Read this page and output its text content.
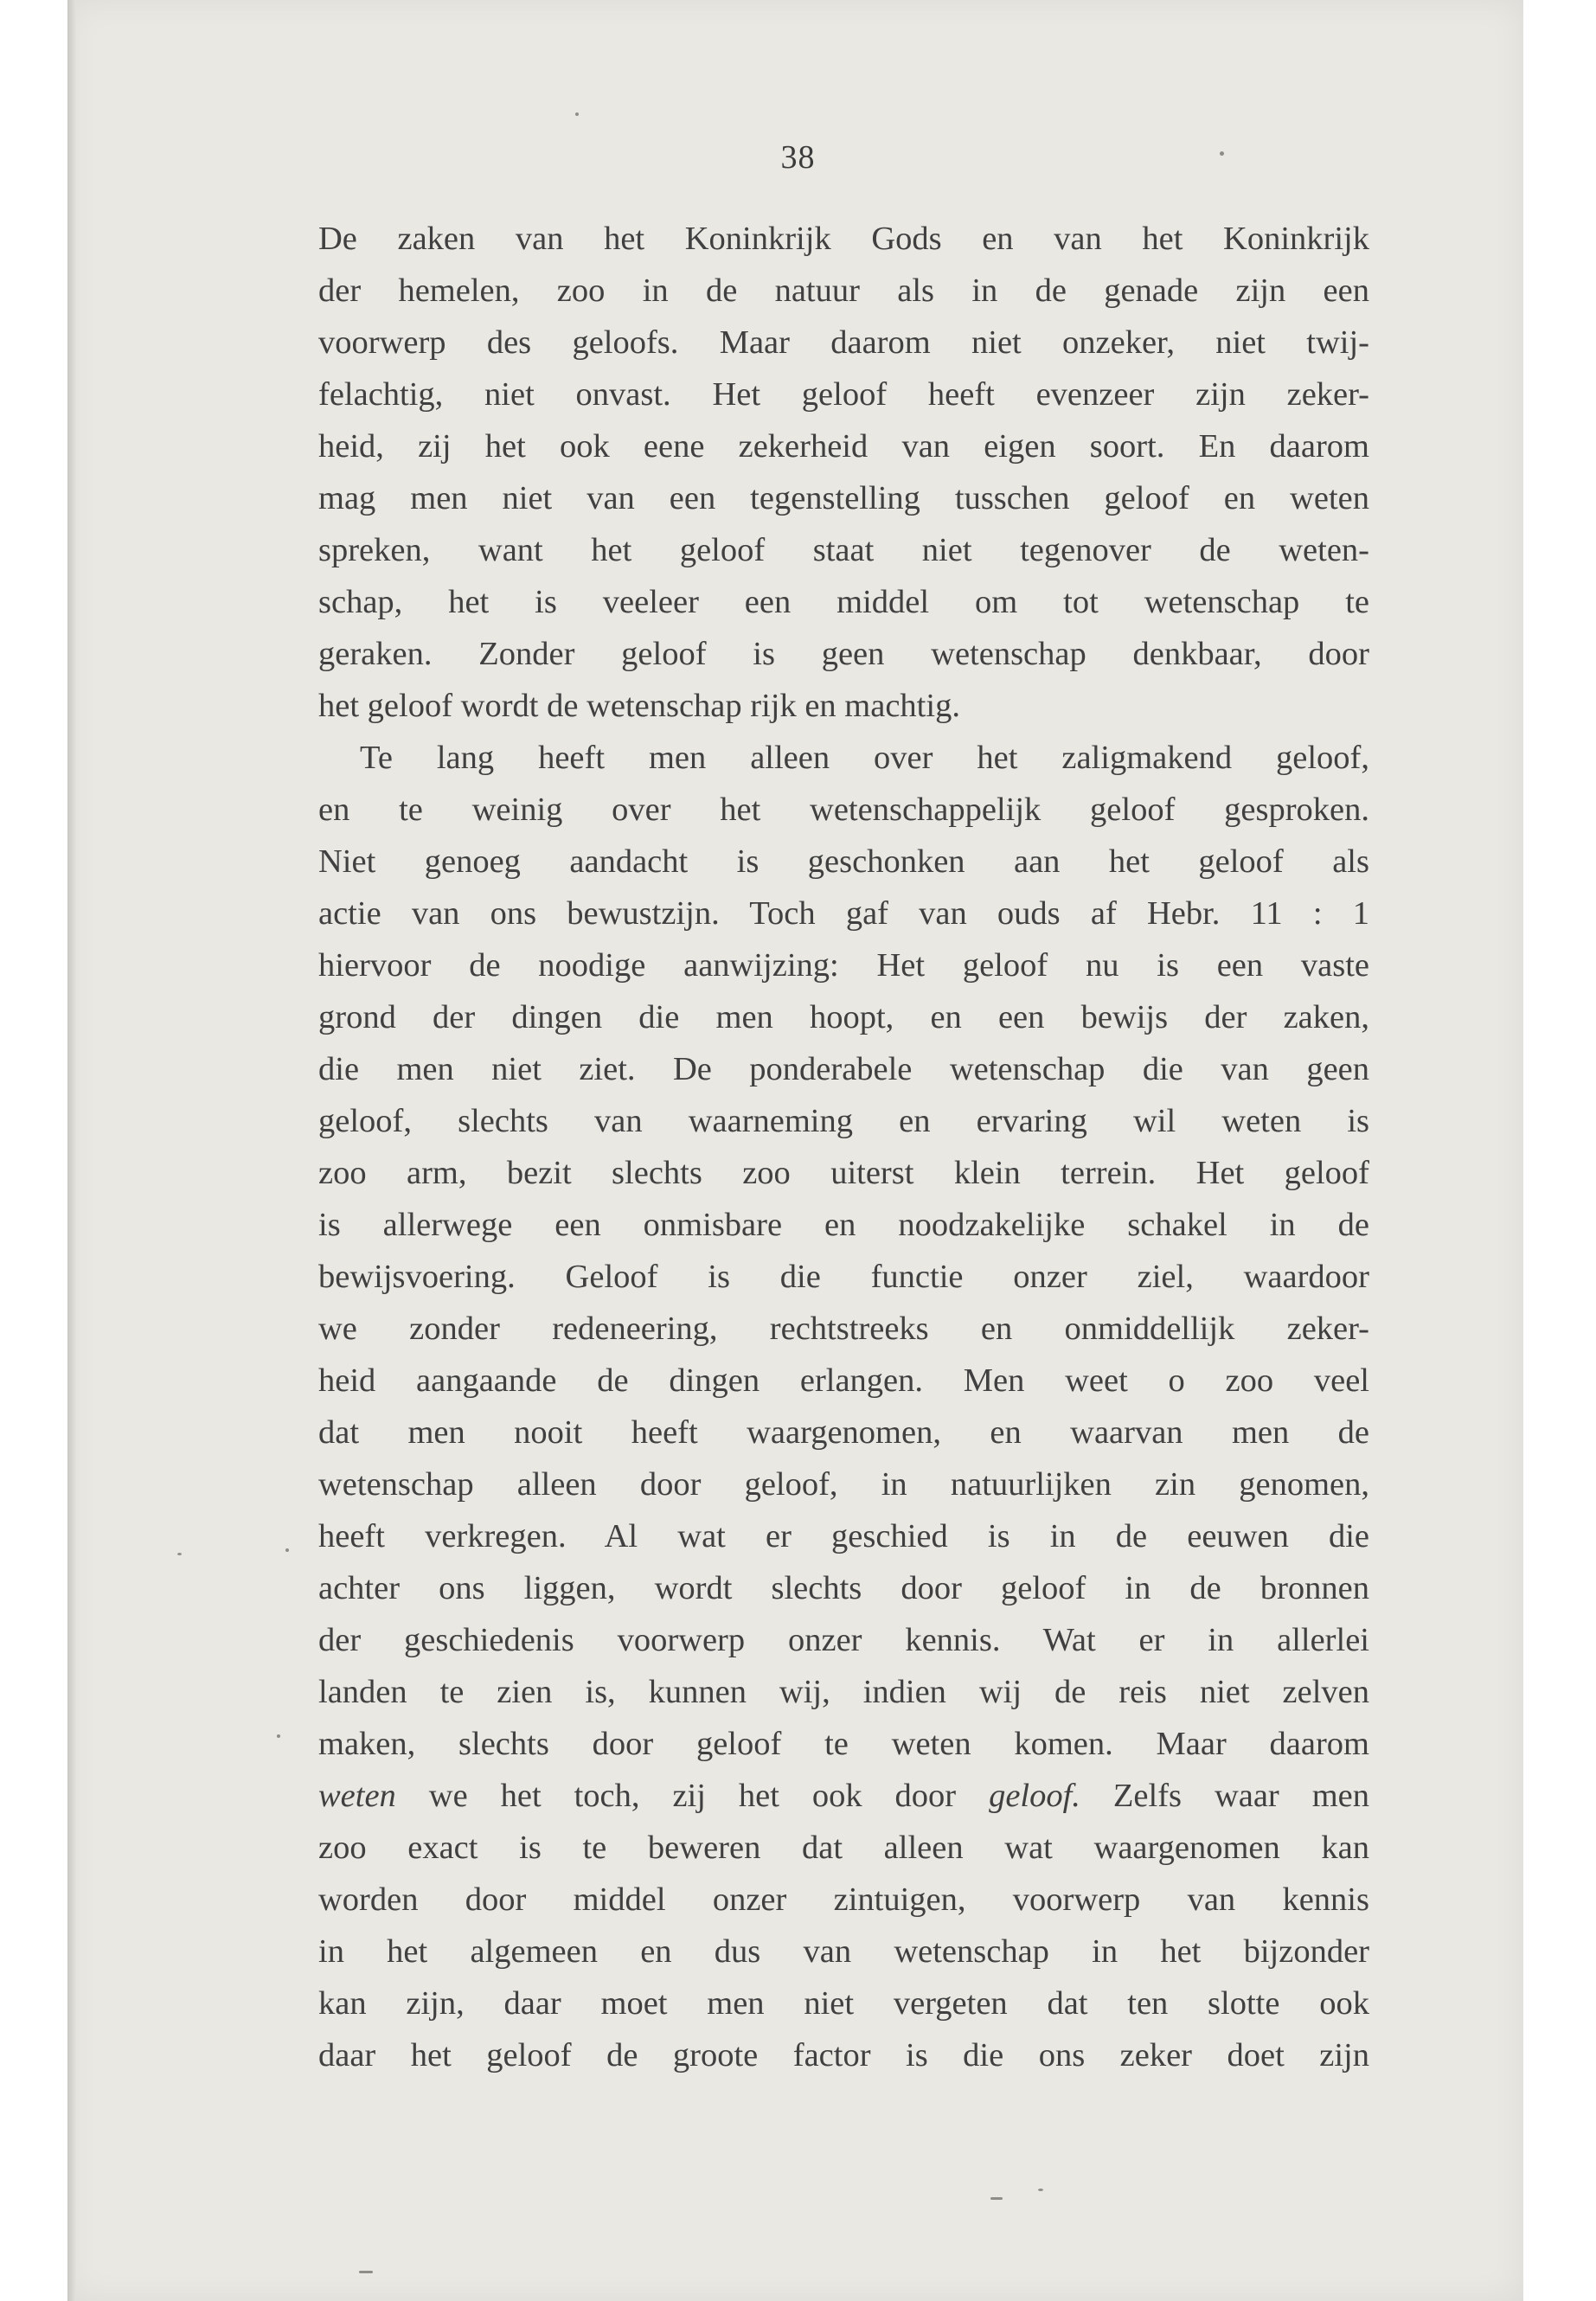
38
De zaken van het Koninkrijk Gods en van het Koninkrijk
der hemelen, zoo in de natuur als in de genade zijn een
voorwerp des geloofs. Maar daarom niet onzeker, niet twij-
felachtig, niet onvast. Het geloof heeft evenzeer zijn zeker-
heid, zij het ook eene zekerheid van eigen soort. En daarom
mag men niet van een tegenstelling tusschen geloof en weten
spreken, want het geloof staat niet tegenover de weten-
schap, het is veeleer een middel om tot wetenschap te
geraken. Zonder geloof is geen wetenschap denkbaar, door
het geloof wordt de wetenschap rijk en machtig.
Te lang heeft men alleen over het zaligmakend geloof,
en te weinig over het wetenschappelijk geloof gesproken.
Niet genoeg aandacht is geschonken aan het geloof als
actie van ons bewustzijn. Toch gaf van ouds af Hebr. 11 : 1
hiervoor de noodige aanwijzing: Het geloof nu is een vaste
grond der dingen die men hoopt, en een bewijs der zaken,
die men niet ziet. De ponderabele wetenschap die van geen
geloof, slechts van waarneming en ervaring wil weten is
zoo arm, bezit slechts zoo uiterst klein terrein. Het geloof
is allerwege een onmisbare en noodzakelijke schakel in de
bewijsvoering. Geloof is die functie onzer ziel, waardoor
we zonder redeneering, rechtstreeks en onmiddellijk zeker-
heid aangaande de dingen erlangen. Men weet o zoo veel
dat men nooit heeft waargenomen, en waarvan men de
wetenschap alleen door geloof, in natuurlijken zin genomen,
heeft verkregen. Al wat er geschied is in de eeuwen die
achter ons liggen, wordt slechts door geloof in de bronnen
der geschiedenis voorwerp onzer kennis. Wat er in allerlei
landen te zien is, kunnen wij, indien wij de reis niet zelven
maken, slechts door geloof te weten komen. Maar daarom
weten we het toch, zij het ook door geloof. Zelfs waar men
zoo exact is te beweren dat alleen wat waargenomen kan
worden door middel onzer zintuigen, voorwerp van kennis
in het algemeen en dus van wetenschap in het bijzonder
kan zijn, daar moet men niet vergeten dat ten slotte ook
daar het geloof de groote factor is die ons zeker doet zijn
